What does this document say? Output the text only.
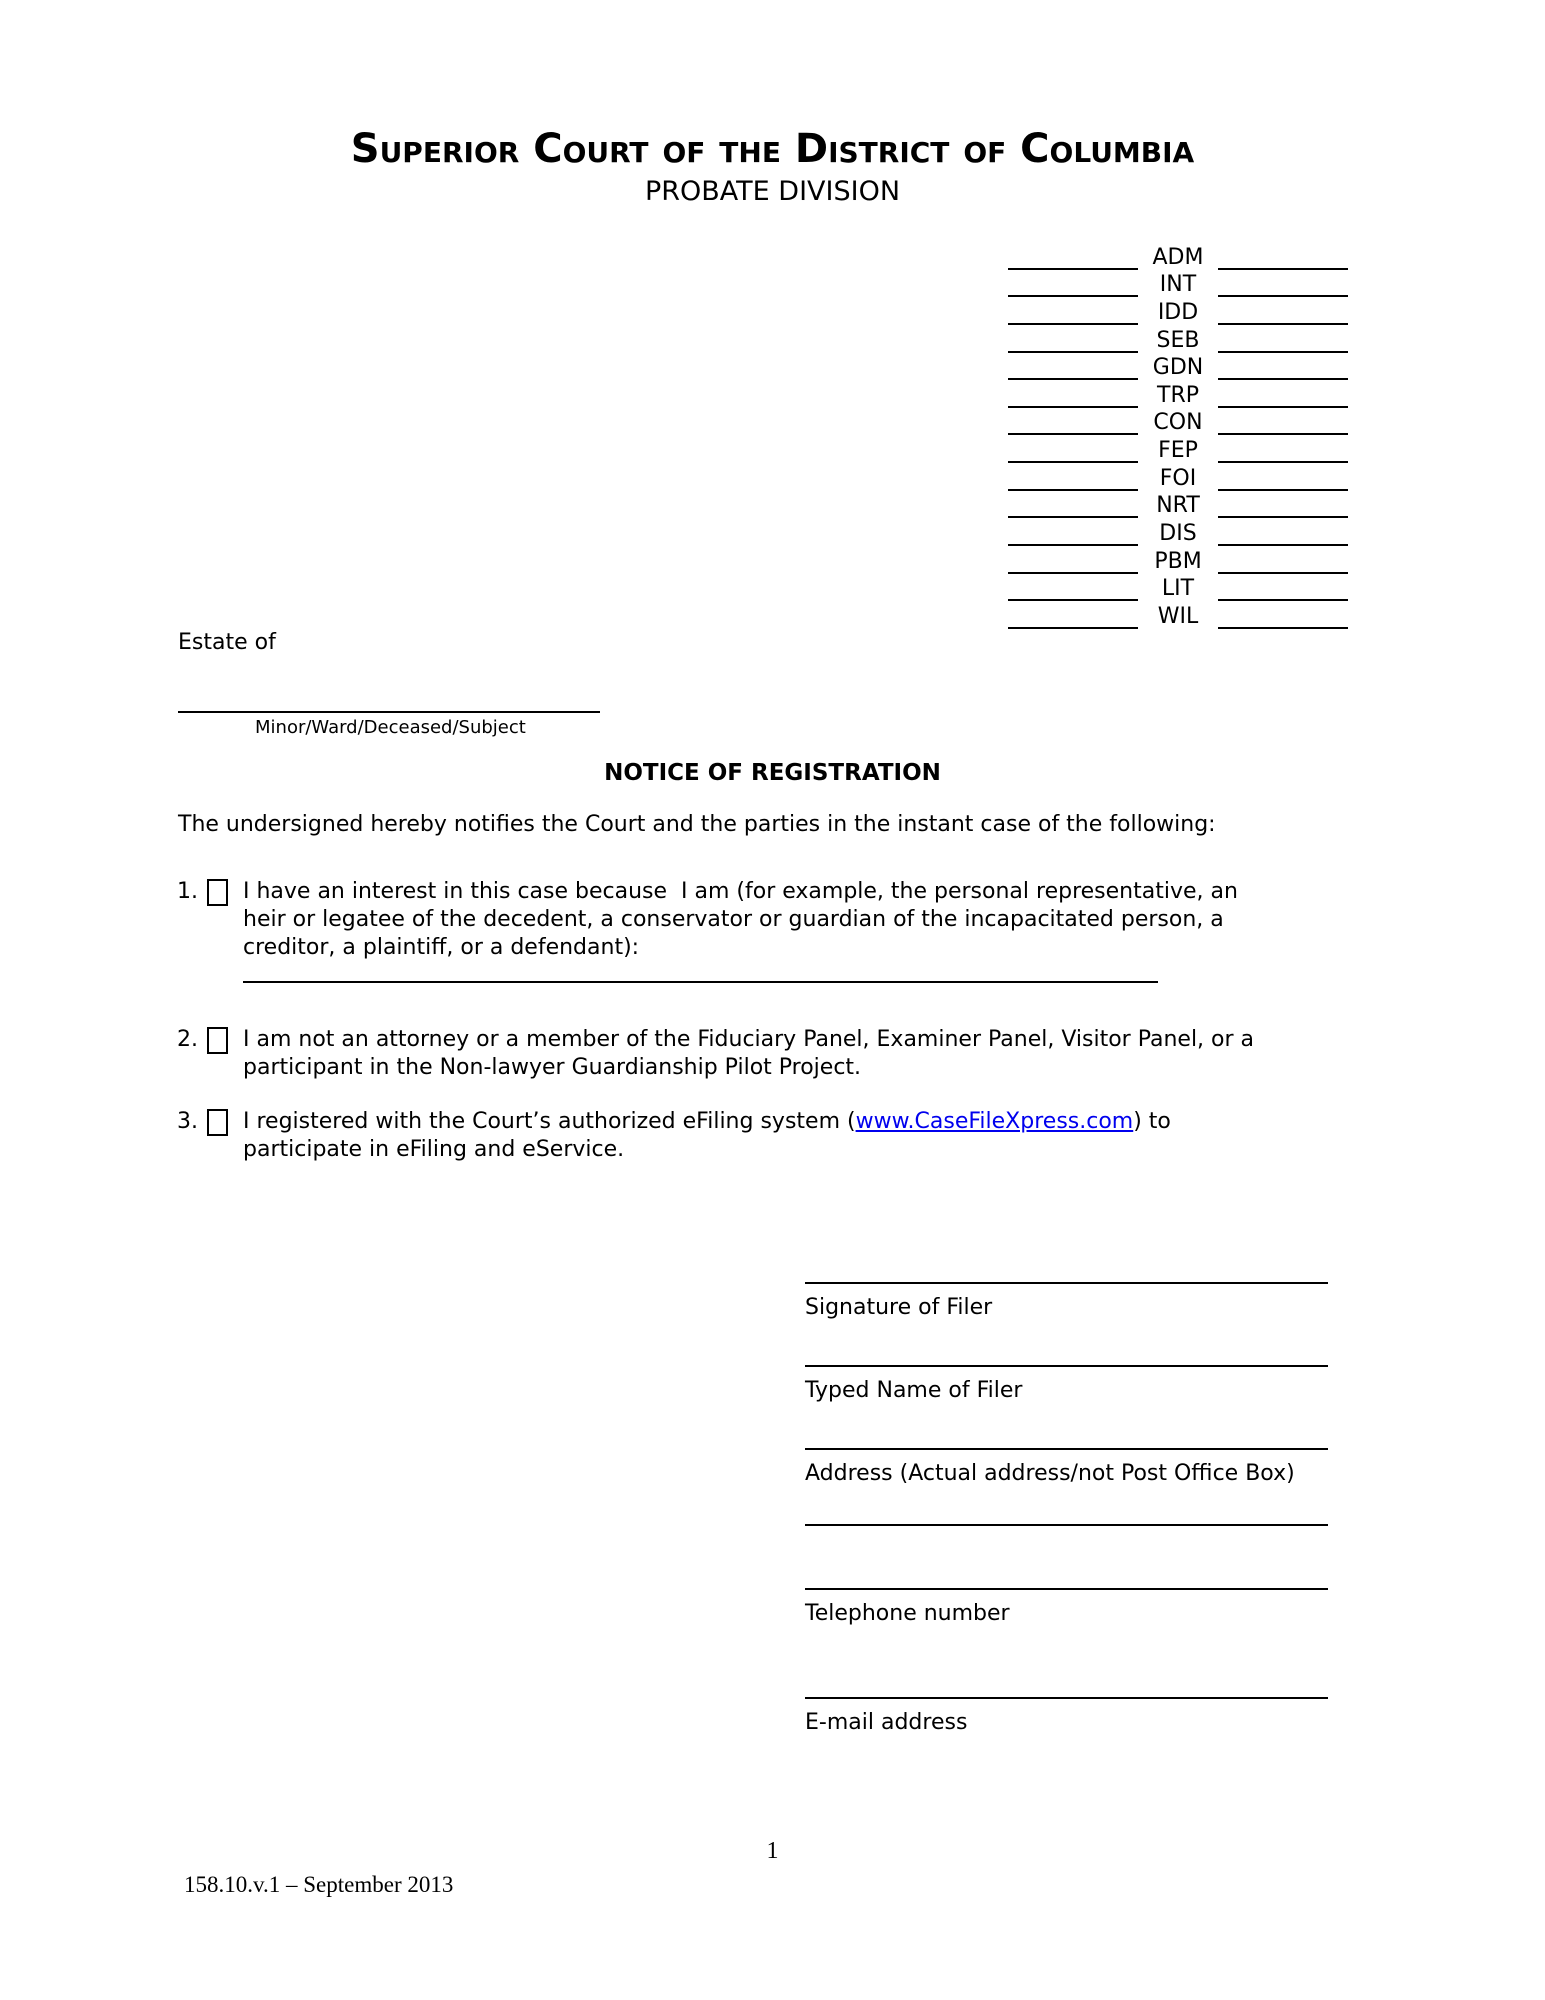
Superior Court of the District of Columbia
PROBATE DIVISION
ADM
INT
IDD
SEB
GDN
TRP
CON
FEP
FOI
NRT
DIS
PBM
LIT
WIL
Estate of
Minor/Ward/Deceased/Subject
NOTICE OF REGISTRATION
The undersigned hereby notifies the Court and the parties in the instant case of the following:
1. I have an interest in this case because  I am (for example, the personal representative, an
heir or legatee of the decedent, a conservator or guardian of the incapacitated person, a
creditor, a plaintiff, or a defendant):
2. I am not an attorney or a member of the Fiduciary Panel, Examiner Panel, Visitor Panel, or a
participant in the Non-lawyer Guardianship Pilot Project.
3. I registered with the Court’s authorized eFiling system (www.CaseFileXpress.com) to
participate in eFiling and eService.
Signature of Filer
Typed Name of Filer
Address (Actual address/not Post Office Box)
Telephone number
E-mail address
1
158.10.v.1 – September 2013
